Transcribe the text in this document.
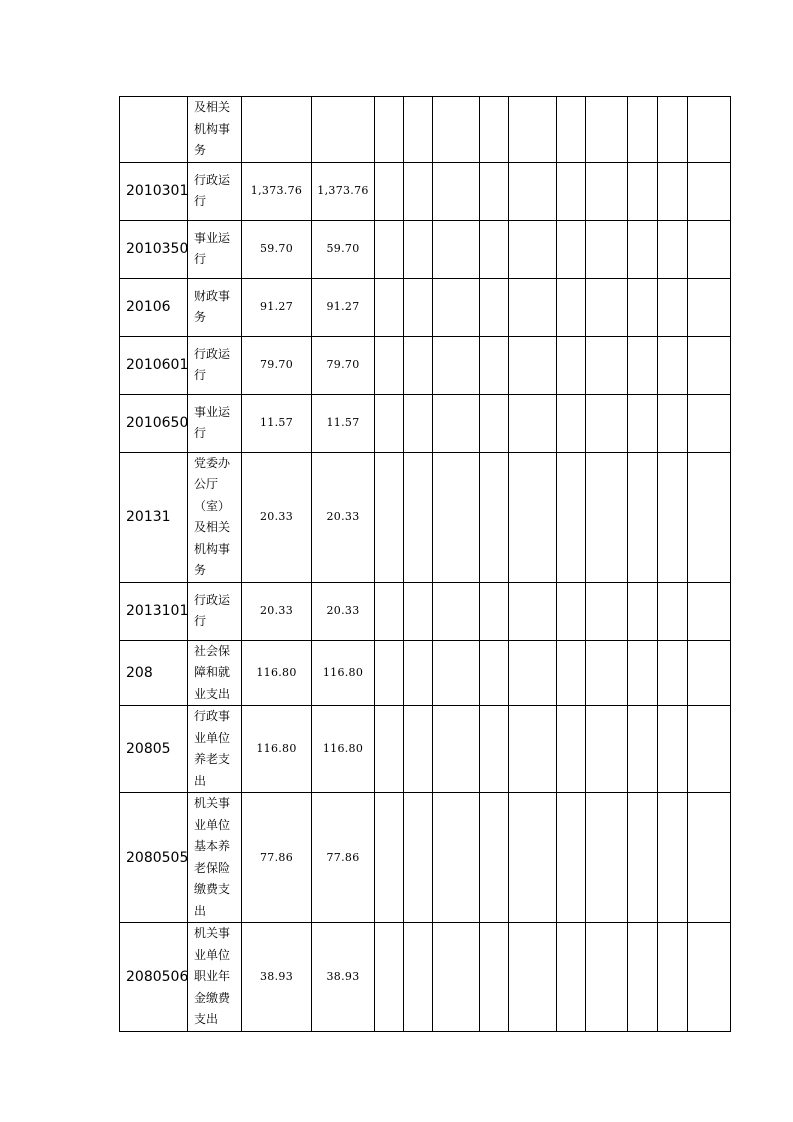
	及相关机构事务												
2010301	行政运行	1,373.76	1,373.76										
2010350	事业运行	59.70	59.70										
20106	财政事务	91.27	91.27										
2010601	行政运行	79.70	79.70										
2010650	事业运行	11.57	11.57										
20131	党委办公厅（室）及相关机构事务	20.33	20.33										
2013101	行政运行	20.33	20.33										
208	社会保障和就业支出	116.80	116.80										
20805	行政事业单位养老支出	116.80	116.80										
2080505	机关事业单位基本养老保险缴费支出	77.86	77.86										
2080506	机关事业单位职业年金缴费支出	38.93	38.93										
